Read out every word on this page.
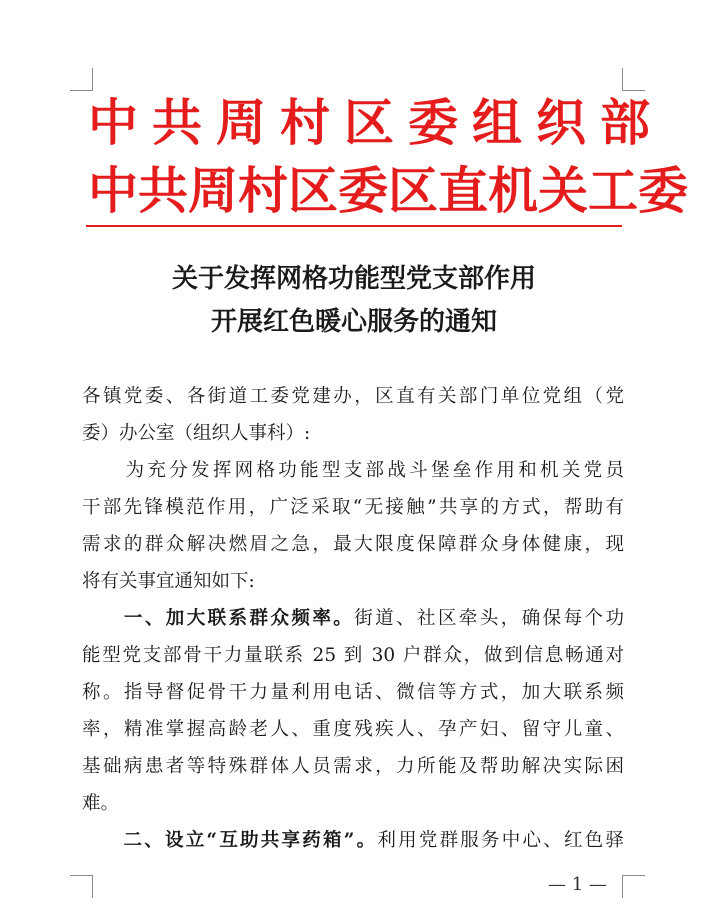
中共周村区委组织部
中共周村区委区直机关工委
关于发挥网格功能型党支部作用
开展红色暖心服务的通知
各镇党委、各街道工委党建办，区直有关部门单位党组（党
委）办公室（组织人事科）:
　　为充分发挥网格功能型支部战斗堡垒作用和机关党员
干部先锋模范作用，广泛采取“无接触”共享的方式，帮助有
需求的群众解决燃眉之急，最大限度保障群众身体健康，现
将有关事宜通知如下:
　　一、加大联系群众频率。街道、社区牵头，确保每个功
能型党支部骨干力量联系 25 到 30 户群众，做到信息畅通对
称。指导督促骨干力量利用电话、微信等方式，加大联系频
率，精准掌握高龄老人、重度残疾人、孕产妇、留守儿童、
基础病患者等特殊群体人员需求，力所能及帮助解决实际困
难。
　　二、设立“互助共享药箱”。利用党群服务中心、红色驿
— 1 —
